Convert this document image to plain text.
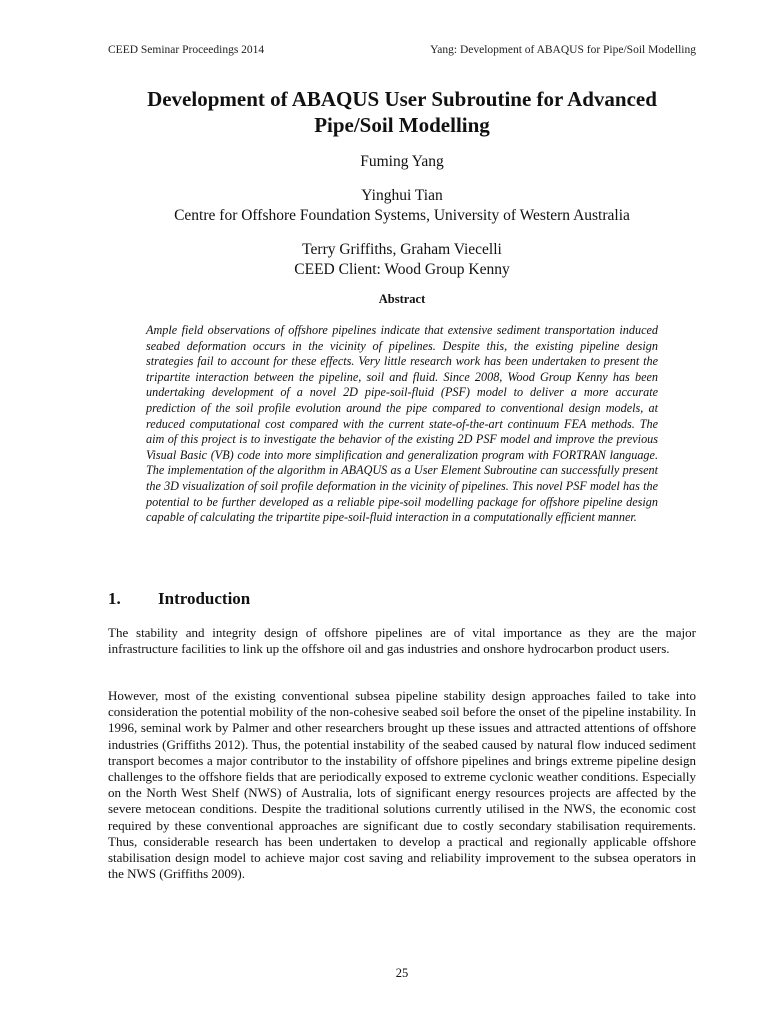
CEED Seminar Proceedings 2014	Yang: Development of ABAQUS for Pipe/Soil Modelling
Development of ABAQUS User Subroutine for Advanced Pipe/Soil Modelling
Fuming Yang
Yinghui Tian
Centre for Offshore Foundation Systems, University of Western Australia
Terry Griffiths, Graham Viecelli
CEED Client: Wood Group Kenny
Abstract
Ample field observations of offshore pipelines indicate that extensive sediment transportation induced seabed deformation occurs in the vicinity of pipelines. Despite this, the existing pipeline design strategies fail to account for these effects. Very little research work has been undertaken to present the tripartite interaction between the pipeline, soil and fluid. Since 2008, Wood Group Kenny has been undertaking development of a novel 2D pipe-soil-fluid (PSF) model to deliver a more accurate prediction of the soil profile evolution around the pipe compared to conventional design models, at reduced computational cost compared with the current state-of-the-art continuum FEA methods. The aim of this project is to investigate the behavior of the existing 2D PSF model and improve the previous Visual Basic (VB) code into more simplification and generalization program with FORTRAN language. The implementation of the algorithm in ABAQUS as a User Element Subroutine can successfully present the 3D visualization of soil profile deformation in the vicinity of pipelines. This novel PSF model has the potential to be further developed as a reliable pipe-soil modelling package for offshore pipeline design capable of calculating the tripartite pipe-soil-fluid interaction in a computationally efficient manner.
1.	Introduction
The stability and integrity design of offshore pipelines are of vital importance as they are the major infrastructure facilities to link up the offshore oil and gas industries and onshore hydrocarbon product users.
However, most of the existing conventional subsea pipeline stability design approaches failed to take into consideration the potential mobility of the non-cohesive seabed soil before the onset of the pipeline instability. In 1996, seminal work by Palmer and other researchers brought up these issues and attracted attentions of offshore industries (Griffiths 2012). Thus, the potential instability of the seabed caused by natural flow induced sediment transport becomes a major contributor to the instability of offshore pipelines and brings extreme pipeline design challenges to the offshore fields that are periodically exposed to extreme cyclonic weather conditions. Especially on the North West Shelf (NWS) of Australia, lots of significant energy resources projects are affected by the severe metocean conditions. Despite the traditional solutions currently utilised in the NWS, the economic cost required by these conventional approaches are significant due to costly secondary stabilisation requirements. Thus, considerable research has been undertaken to develop a practical and regionally applicable offshore stabilisation design model to achieve major cost saving and reliability improvement to the subsea operators in the NWS (Griffiths 2009).
25
